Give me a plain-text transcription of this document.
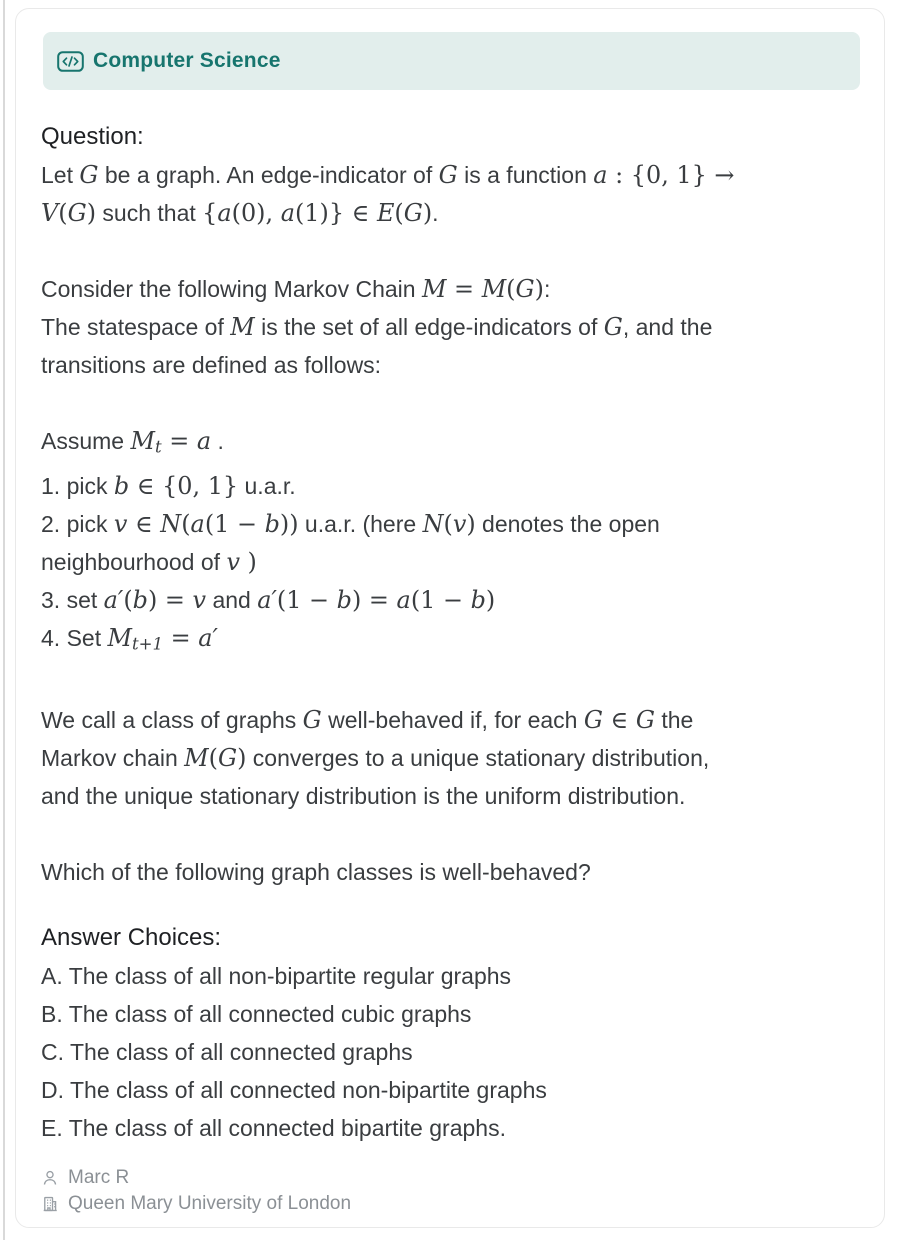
Computer Science
Question:
Let G be a graph. An edge-indicator of G is a function a : {0, 1} →
V(G) such that {a(0), a(1)} ∈ E(G).
Consider the following Markov Chain M = M(G):
The statespace of M is the set of all edge-indicators of G, and the
transitions are defined as follows:
Assume Mt = a .
1. pick b ∈ {0, 1} u.a.r.
2. pick v ∈ N(a(1 − b)) u.a.r. (here N(v) denotes the open
neighbourhood of v )
3. set a′(b) = v and a′(1 − b) = a(1 − b)
4. Set Mt+1 = a′
We call a class of graphs G well-behaved if, for each G ∈ G the
Markov chain M(G) converges to a unique stationary distribution,
and the unique stationary distribution is the uniform distribution.
Which of the following graph classes is well-behaved?
Answer Choices:
A. The class of all non-bipartite regular graphs
B. The class of all connected cubic graphs
C. The class of all connected graphs
D. The class of all connected non-bipartite graphs
E. The class of all connected bipartite graphs.
Marc R
Queen Mary University of London
